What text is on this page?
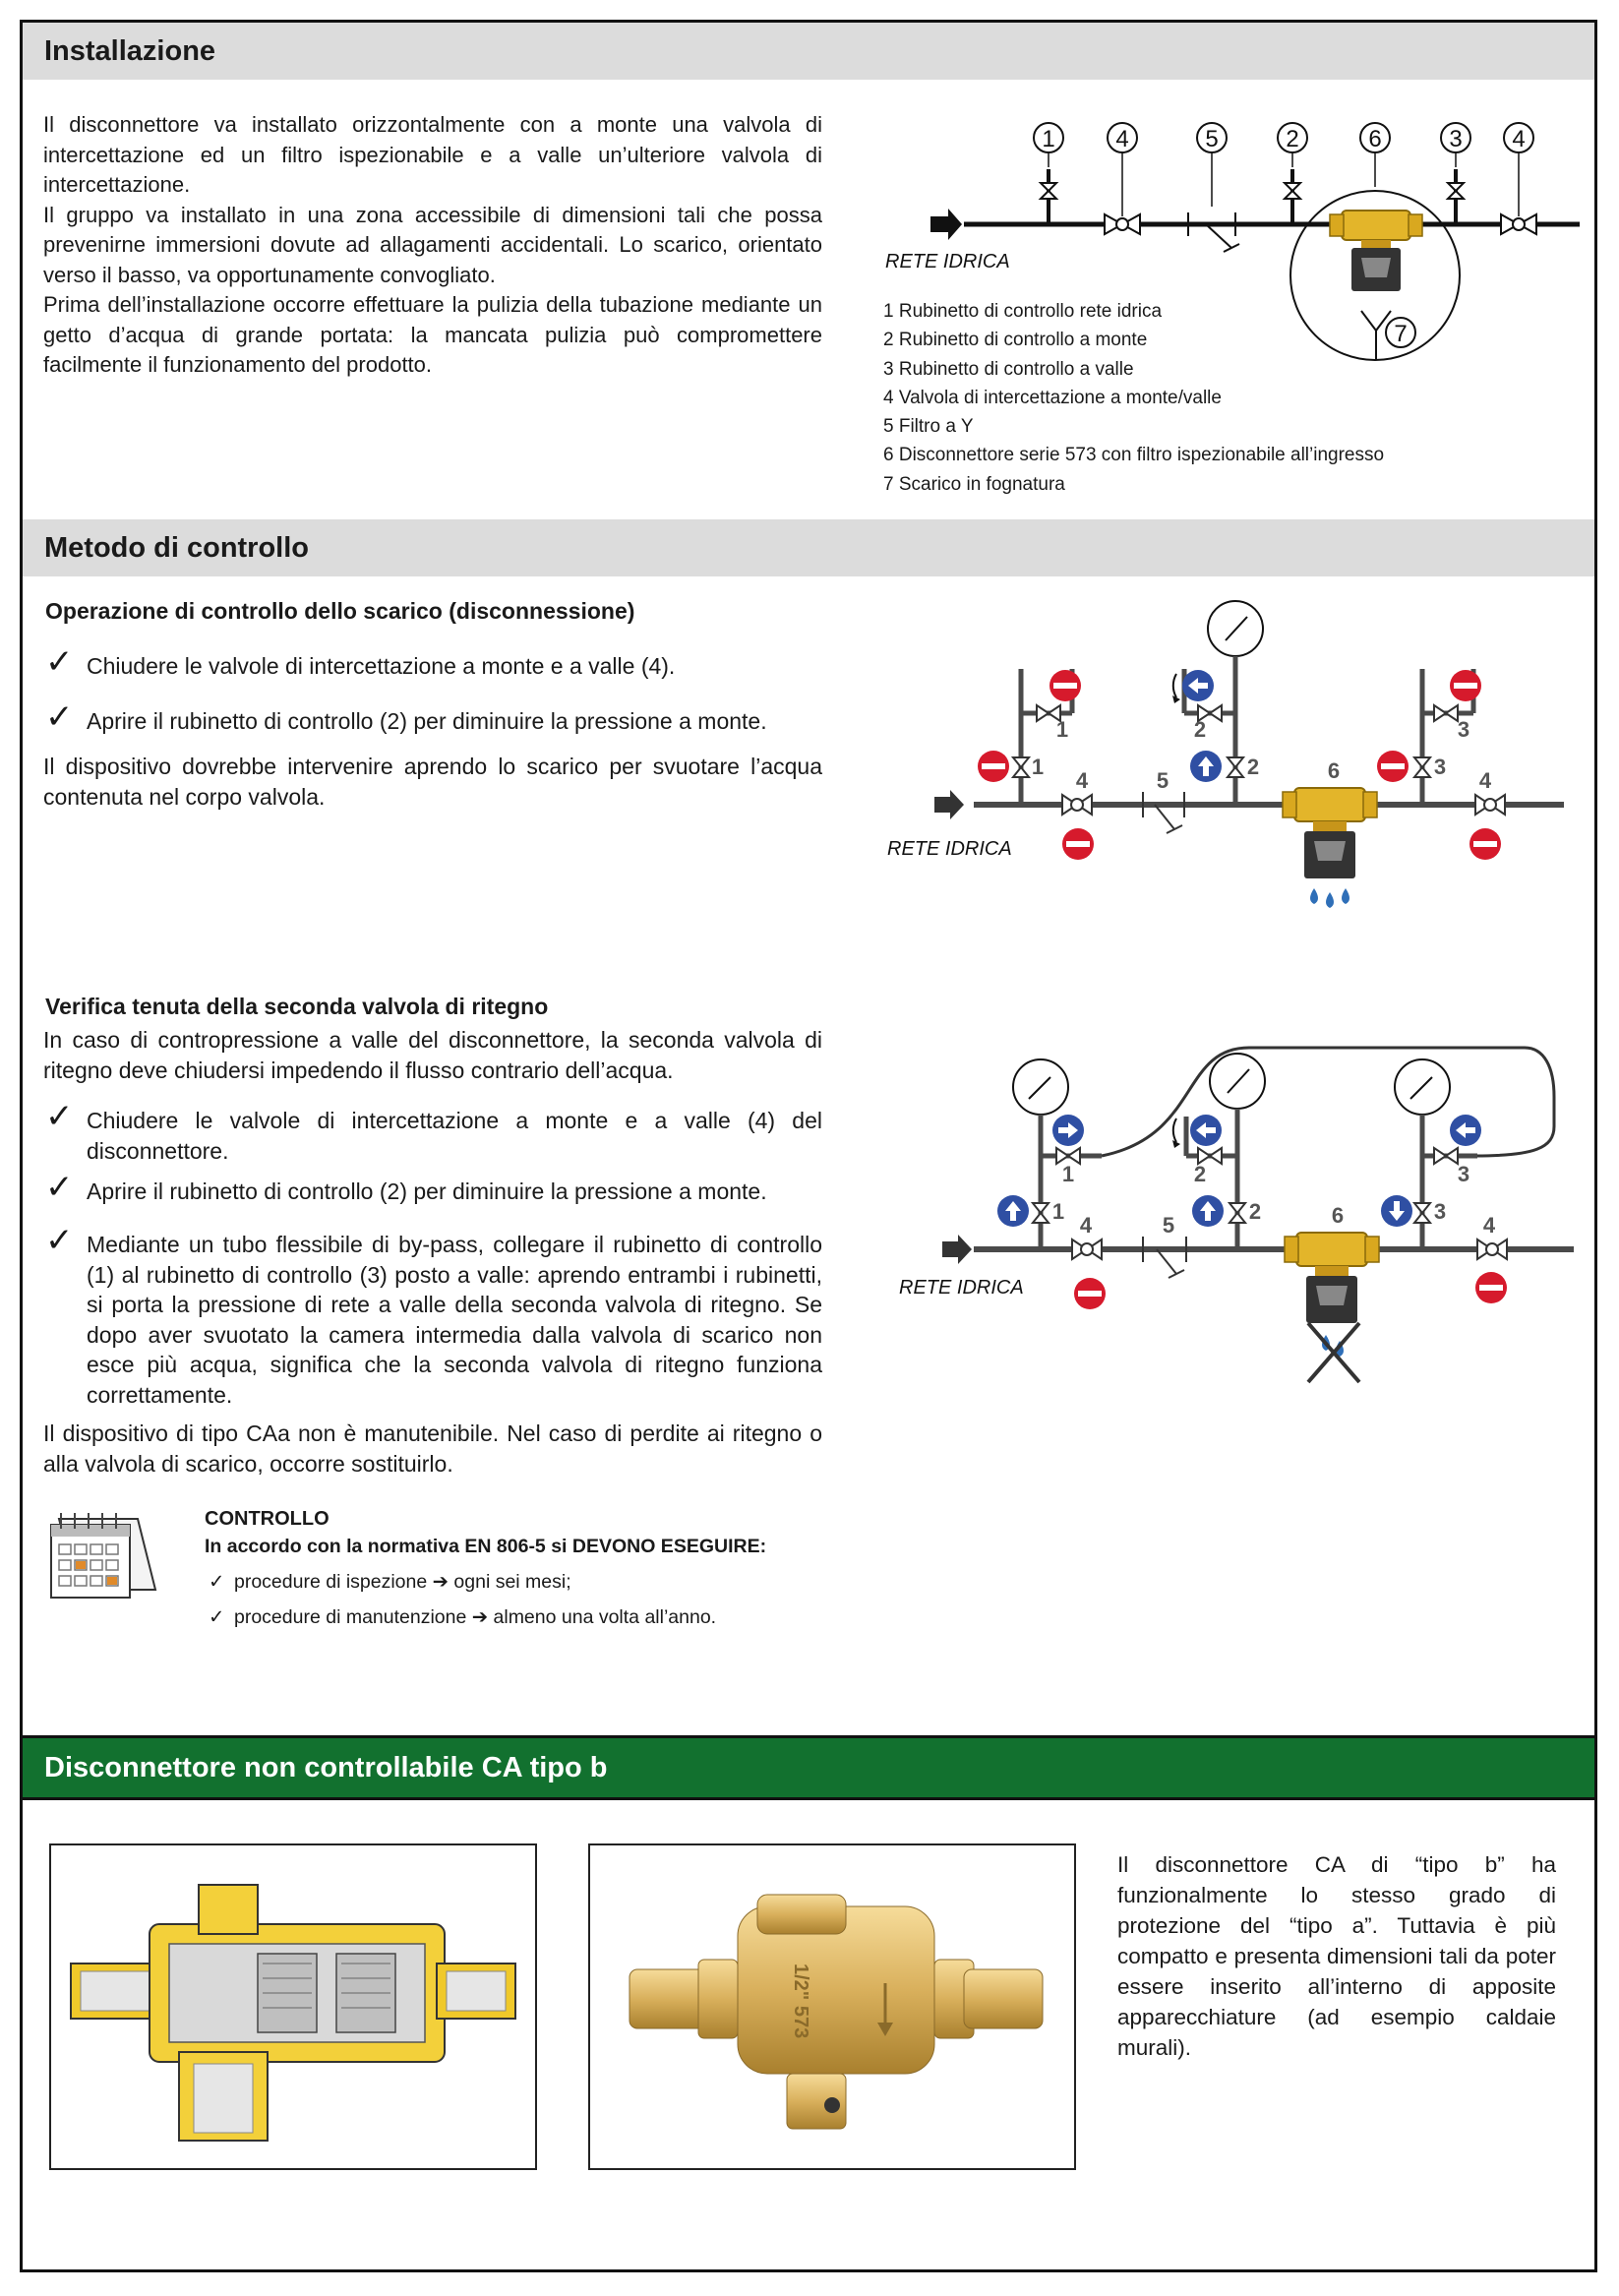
Installazione

Il disconnettore va installato orizzontalmente con a monte una valvola di intercettazione ed un filtro ispezionabile e a valle un’ulteriore valvola di intercettazione.

Il gruppo va installato in una zona accessibile di dimensioni tali che possa prevenirne immersioni dovute ad allagamenti accidentali. Lo scarico, orientato verso il basso, va opportunamente convogliato.

Prima dell’installazione occorre effettuare la pulizia della tubazione mediante un getto d’acqua di grande portata: la mancata pulizia può compromettere facilmente il funzionamento del prodotto.

1	4	5	2	6	3 4
7
RETE IDRICA
1 Rubinetto di controllo rete idrica
2 Rubinetto di controllo a monte
3 Rubinetto di controllo a valle
4 Valvola di intercettazione a monte/valle
5 Filtro a Y
6 Disconnettore serie 573 con filtro ispezionabile all’ingresso
7 Scarico in fognatura
Metodo di controllo
Operazione di controllo dello scarico (disconnessione)
✓ Chiudere le valvole di intercettazione a monte e a valle (4).
✓ Aprire il rubinetto di controllo (2) per diminuire la pressione a monte.
Il dispositivo dovrebbe intervenire aprendo lo scarico per svuotare l’acqua contenuta nel corpo valvola.
1	2	3
1	2	3
4	5	6	4
RETE IDRICA
Verifica tenuta della seconda valvola di ritegno
In caso di contropressione a valle del disconnettore, la seconda valvola di ritegno deve chiudersi impedendo il flusso contrario dell’acqua.
✓ Chiudere le valvole di intercettazione a monte e a valle (4) del disconnettore.
✓ Aprire il rubinetto di controllo (2) per diminuire la pressione a monte.
✓ Mediante un tubo flessibile di by-pass, collegare il rubinetto di controllo (1) al rubinetto di controllo (3) posto a valle: aprendo entrambi i rubinetti, si porta la pressione di rete a valle della seconda valvola di ritegno. Se dopo aver svuotato la camera intermedia dalla valvola di scarico non esce più acqua, significa che la seconda valvola di ritegno funziona correttamente.
Il dispositivo di tipo CAa non è manutenibile. Nel caso di perdite ai ritegno o alla valvola di scarico, occorre sostituirlo.
1	2	3
1	2	3
4	5	6	4
RETE IDRICA
CONTROLLO
In accordo con la normativa EN 806-5 si DEVONO ESEGUIRE:
✓ procedure di ispezione ➔ ogni sei mesi;
✓ procedure di manutenzione ➔ almeno una volta all’anno.
Disconnettore non controllabile CA tipo b
1/2" 573
Il disconnettore CA di “tipo b” ha funzionalmente lo stesso grado di protezione del “tipo a”. Tuttavia è più compatto e presenta dimensioni tali da poter essere inserito all’interno di apposite apparecchiature (ad esempio caldaie murali).
